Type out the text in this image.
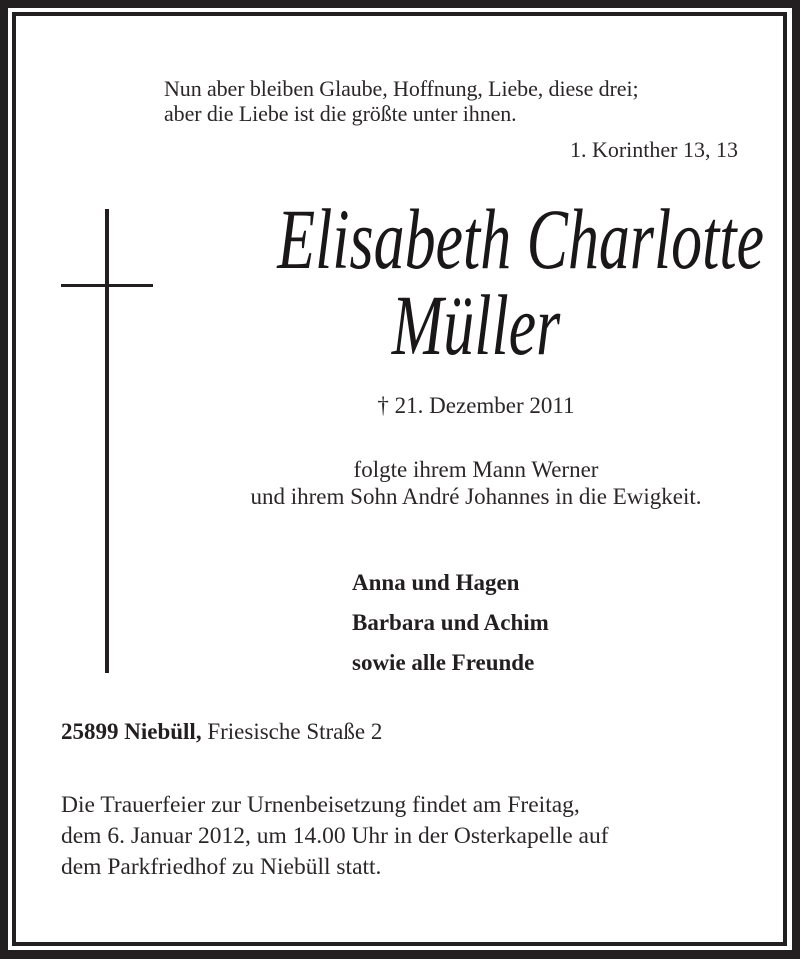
Nun aber bleiben Glaube, Hoffnung, Liebe, diese drei;
aber die Liebe ist die größte unter ihnen.
1. Korinther 13, 13
Elisabeth Charlotte
Müller
† 21. Dezember 2011
folgte ihrem Mann Werner
und ihrem Sohn André Johannes in die Ewigkeit.
Anna und Hagen
Barbara und Achim
sowie alle Freunde
25899 Niebüll, Friesische Straße 2
Die Trauerfeier zur Urnenbeisetzung findet am Freitag,
dem 6. Januar 2012, um 14.00 Uhr in der Osterkapelle auf
dem Parkfriedhof zu Niebüll statt.
